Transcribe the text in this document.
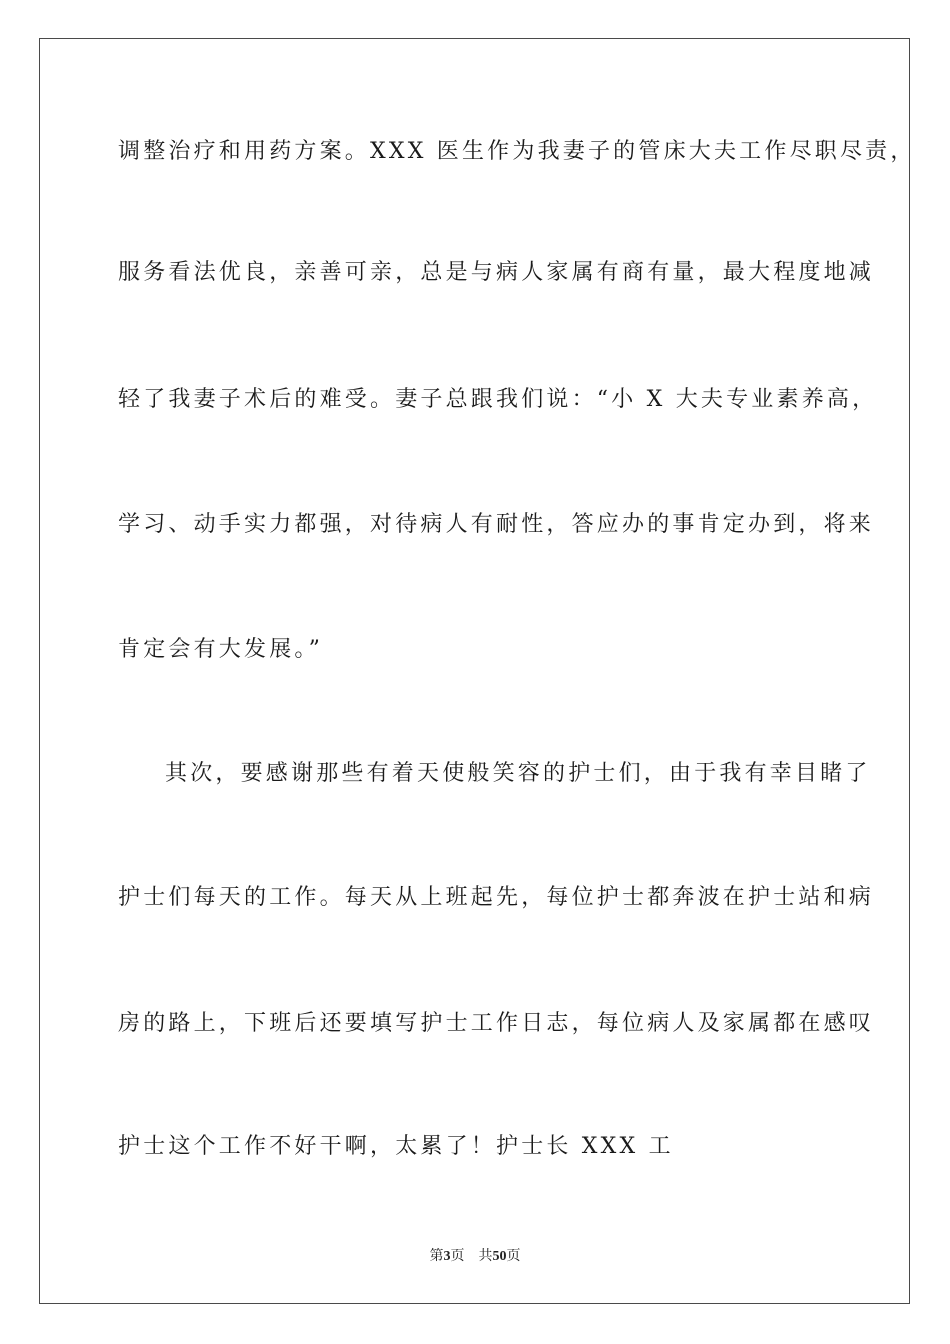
调整治疗和用药方案。XXX 医生作为我妻子的管床大夫工作尽职尽责，
服务看法优良，亲善可亲，总是与病人家属有商有量，最大程度地减
轻了我妻子术后的难受。妻子总跟我们说：“小 X 大夫专业素养高，
学习、动手实力都强，对待病人有耐性，答应办的事肯定办到，将来
肯定会有大发展。”
其次，要感谢那些有着天使般笑容的护士们，由于我有幸目睹了
护士们每天的工作。每天从上班起先，每位护士都奔波在护士站和病
房的路上，下班后还要填写护士工作日志，每位病人及家属都在感叹
护士这个工作不好干啊，太累了！护士长 XXX 工
第3页 共50页
